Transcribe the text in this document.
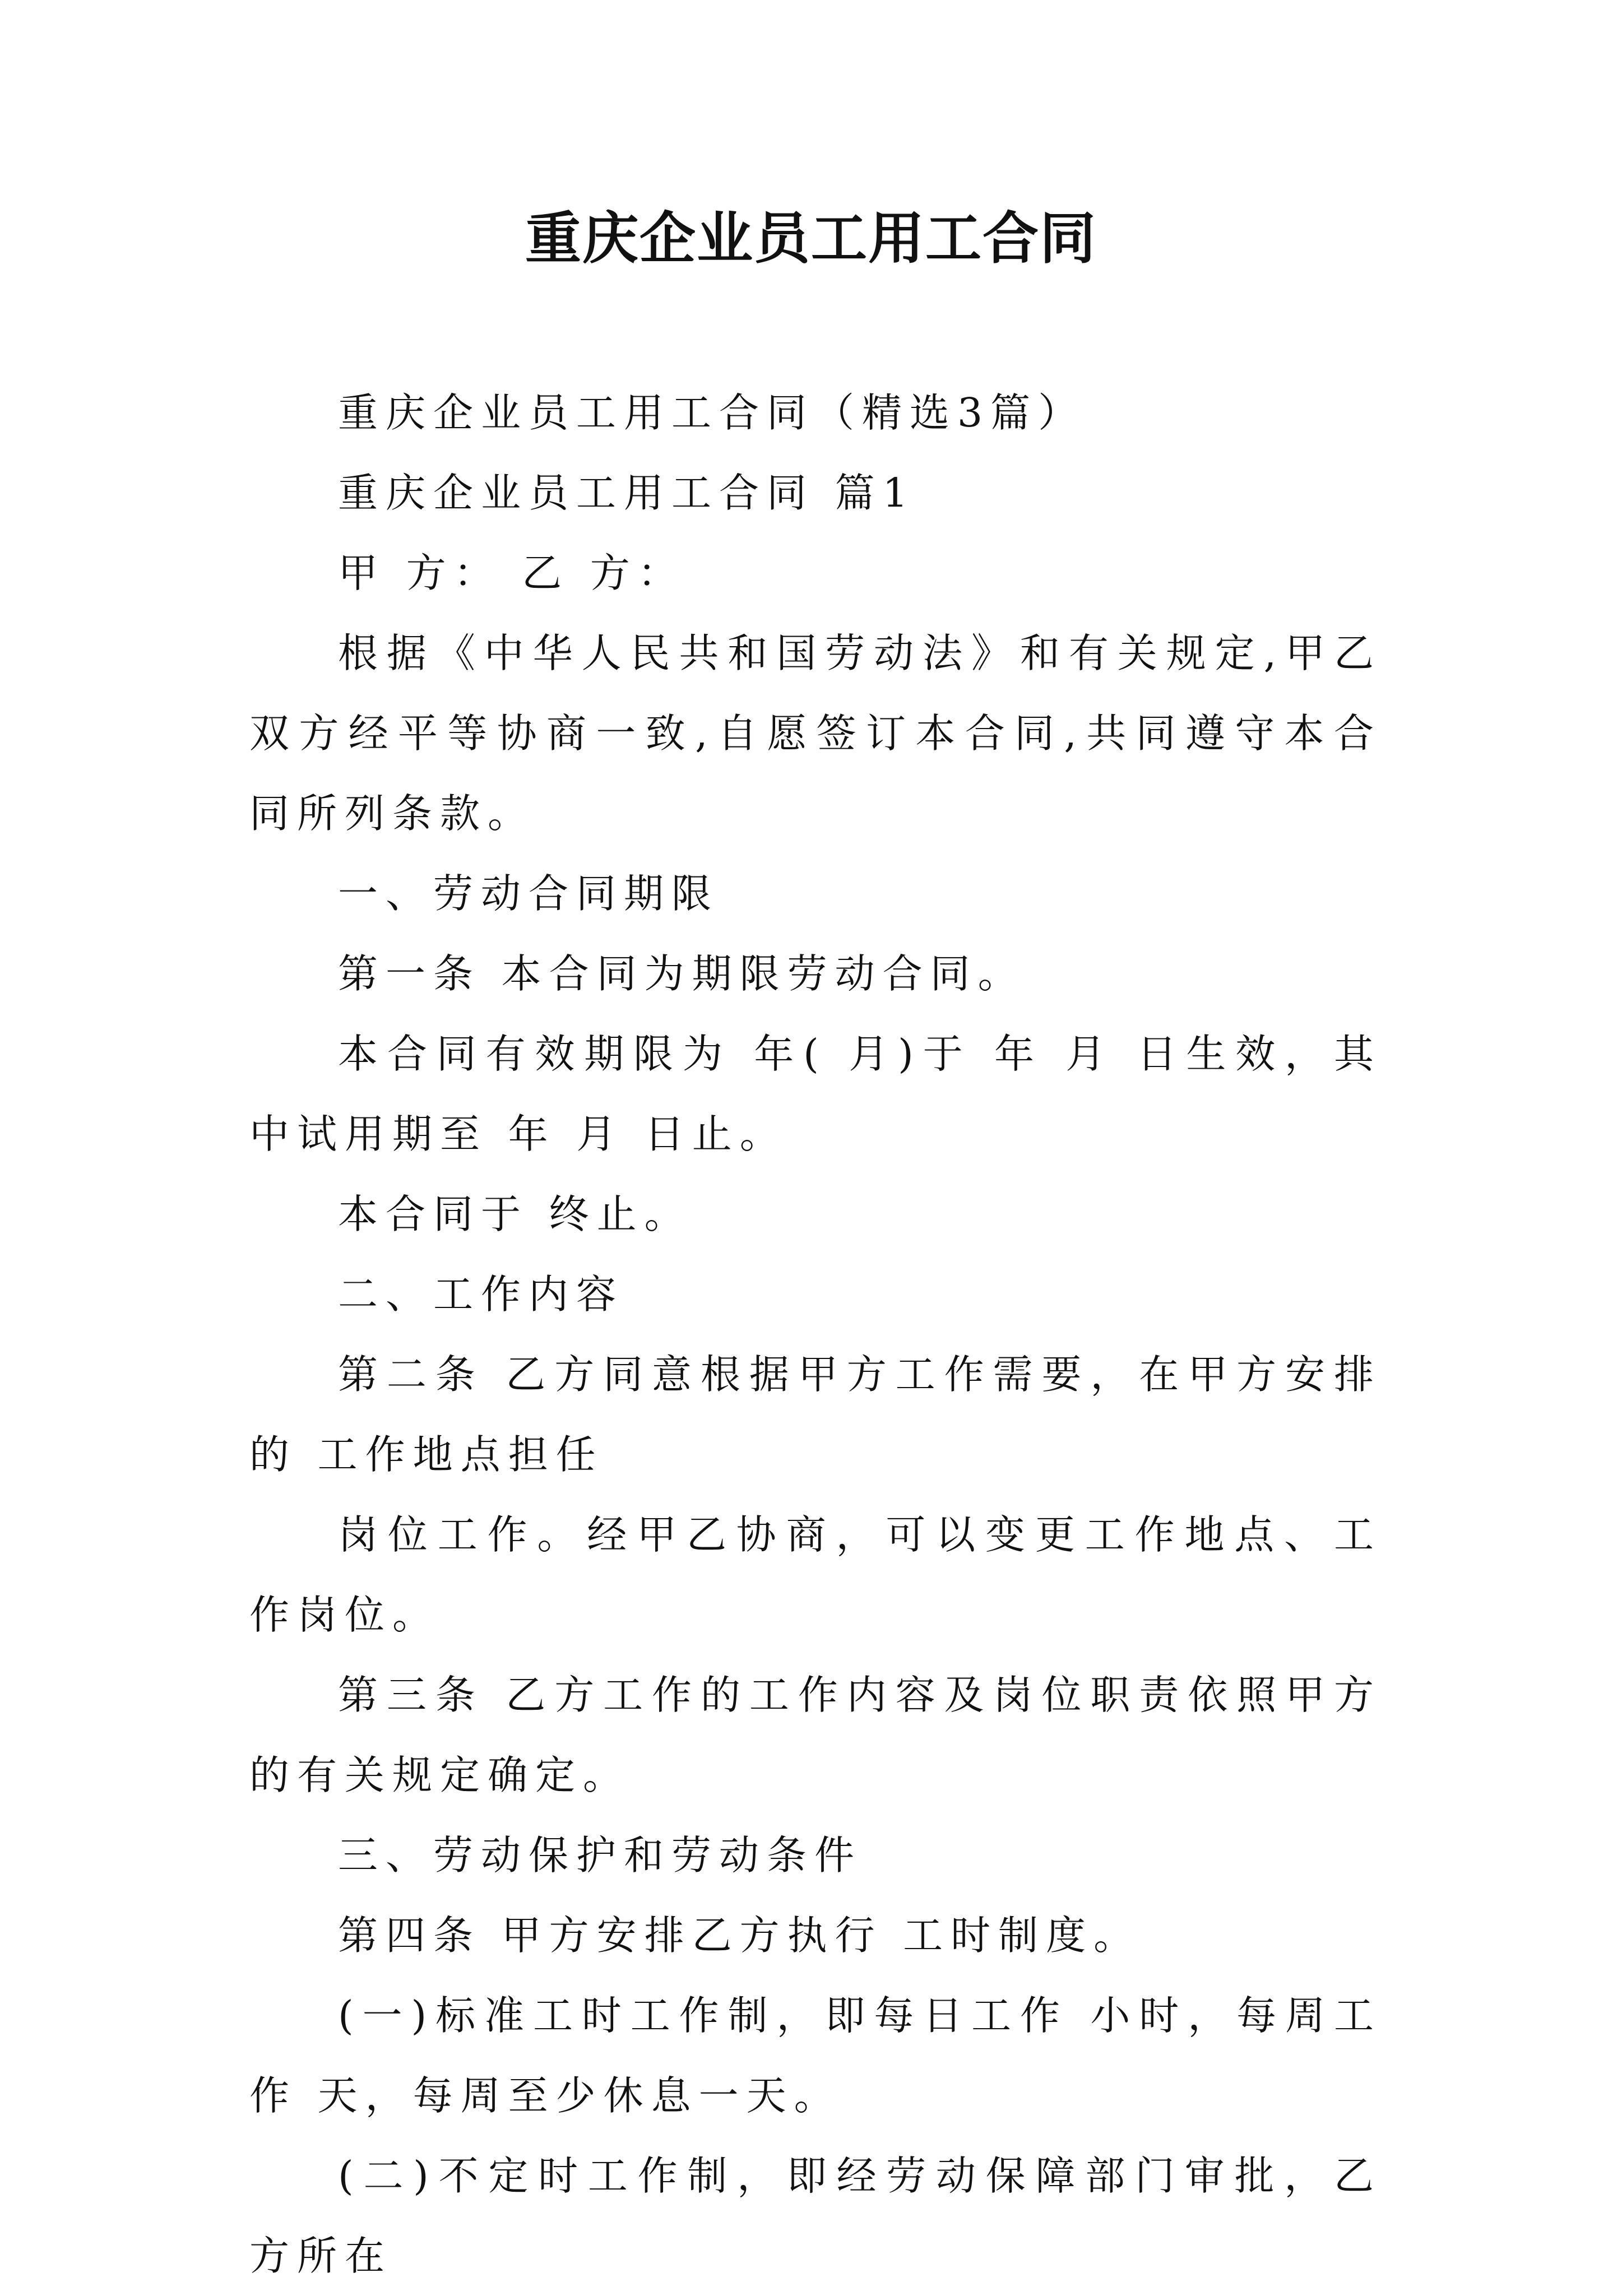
重庆企业员工用工合同

重庆企业员工用工合同（精选3篇）

重庆企业员工用工合同 篇1

甲 方： 乙 方：

根据《中华人民共和国劳动法》和有关规定,甲乙双方经平等协商一致,自愿签订本合同,共同遵守本合同所列条款。

一、劳动合同期限

第一条 本合同为期限劳动合同。

本合同有效期限为 年( 月)于 年 月 日生效，其中试用期至 年 月 日止。

本合同于 终止。

二、工作内容

第二条 乙方同意根据甲方工作需要，在甲方安排的 工作地点担任

岗位工作。经甲乙协商，可以变更工作地点、工作岗位。

第三条 乙方工作的工作内容及岗位职责依照甲方的有关规定确定。

三、劳动保护和劳动条件

第四条 甲方安排乙方执行 工时制度。

(一)标准工时工作制，即每日工作 小时，每周工作 天，每周至少休息一天。

(二)不定时工作制，即经劳动保障部门审批，乙方所在
